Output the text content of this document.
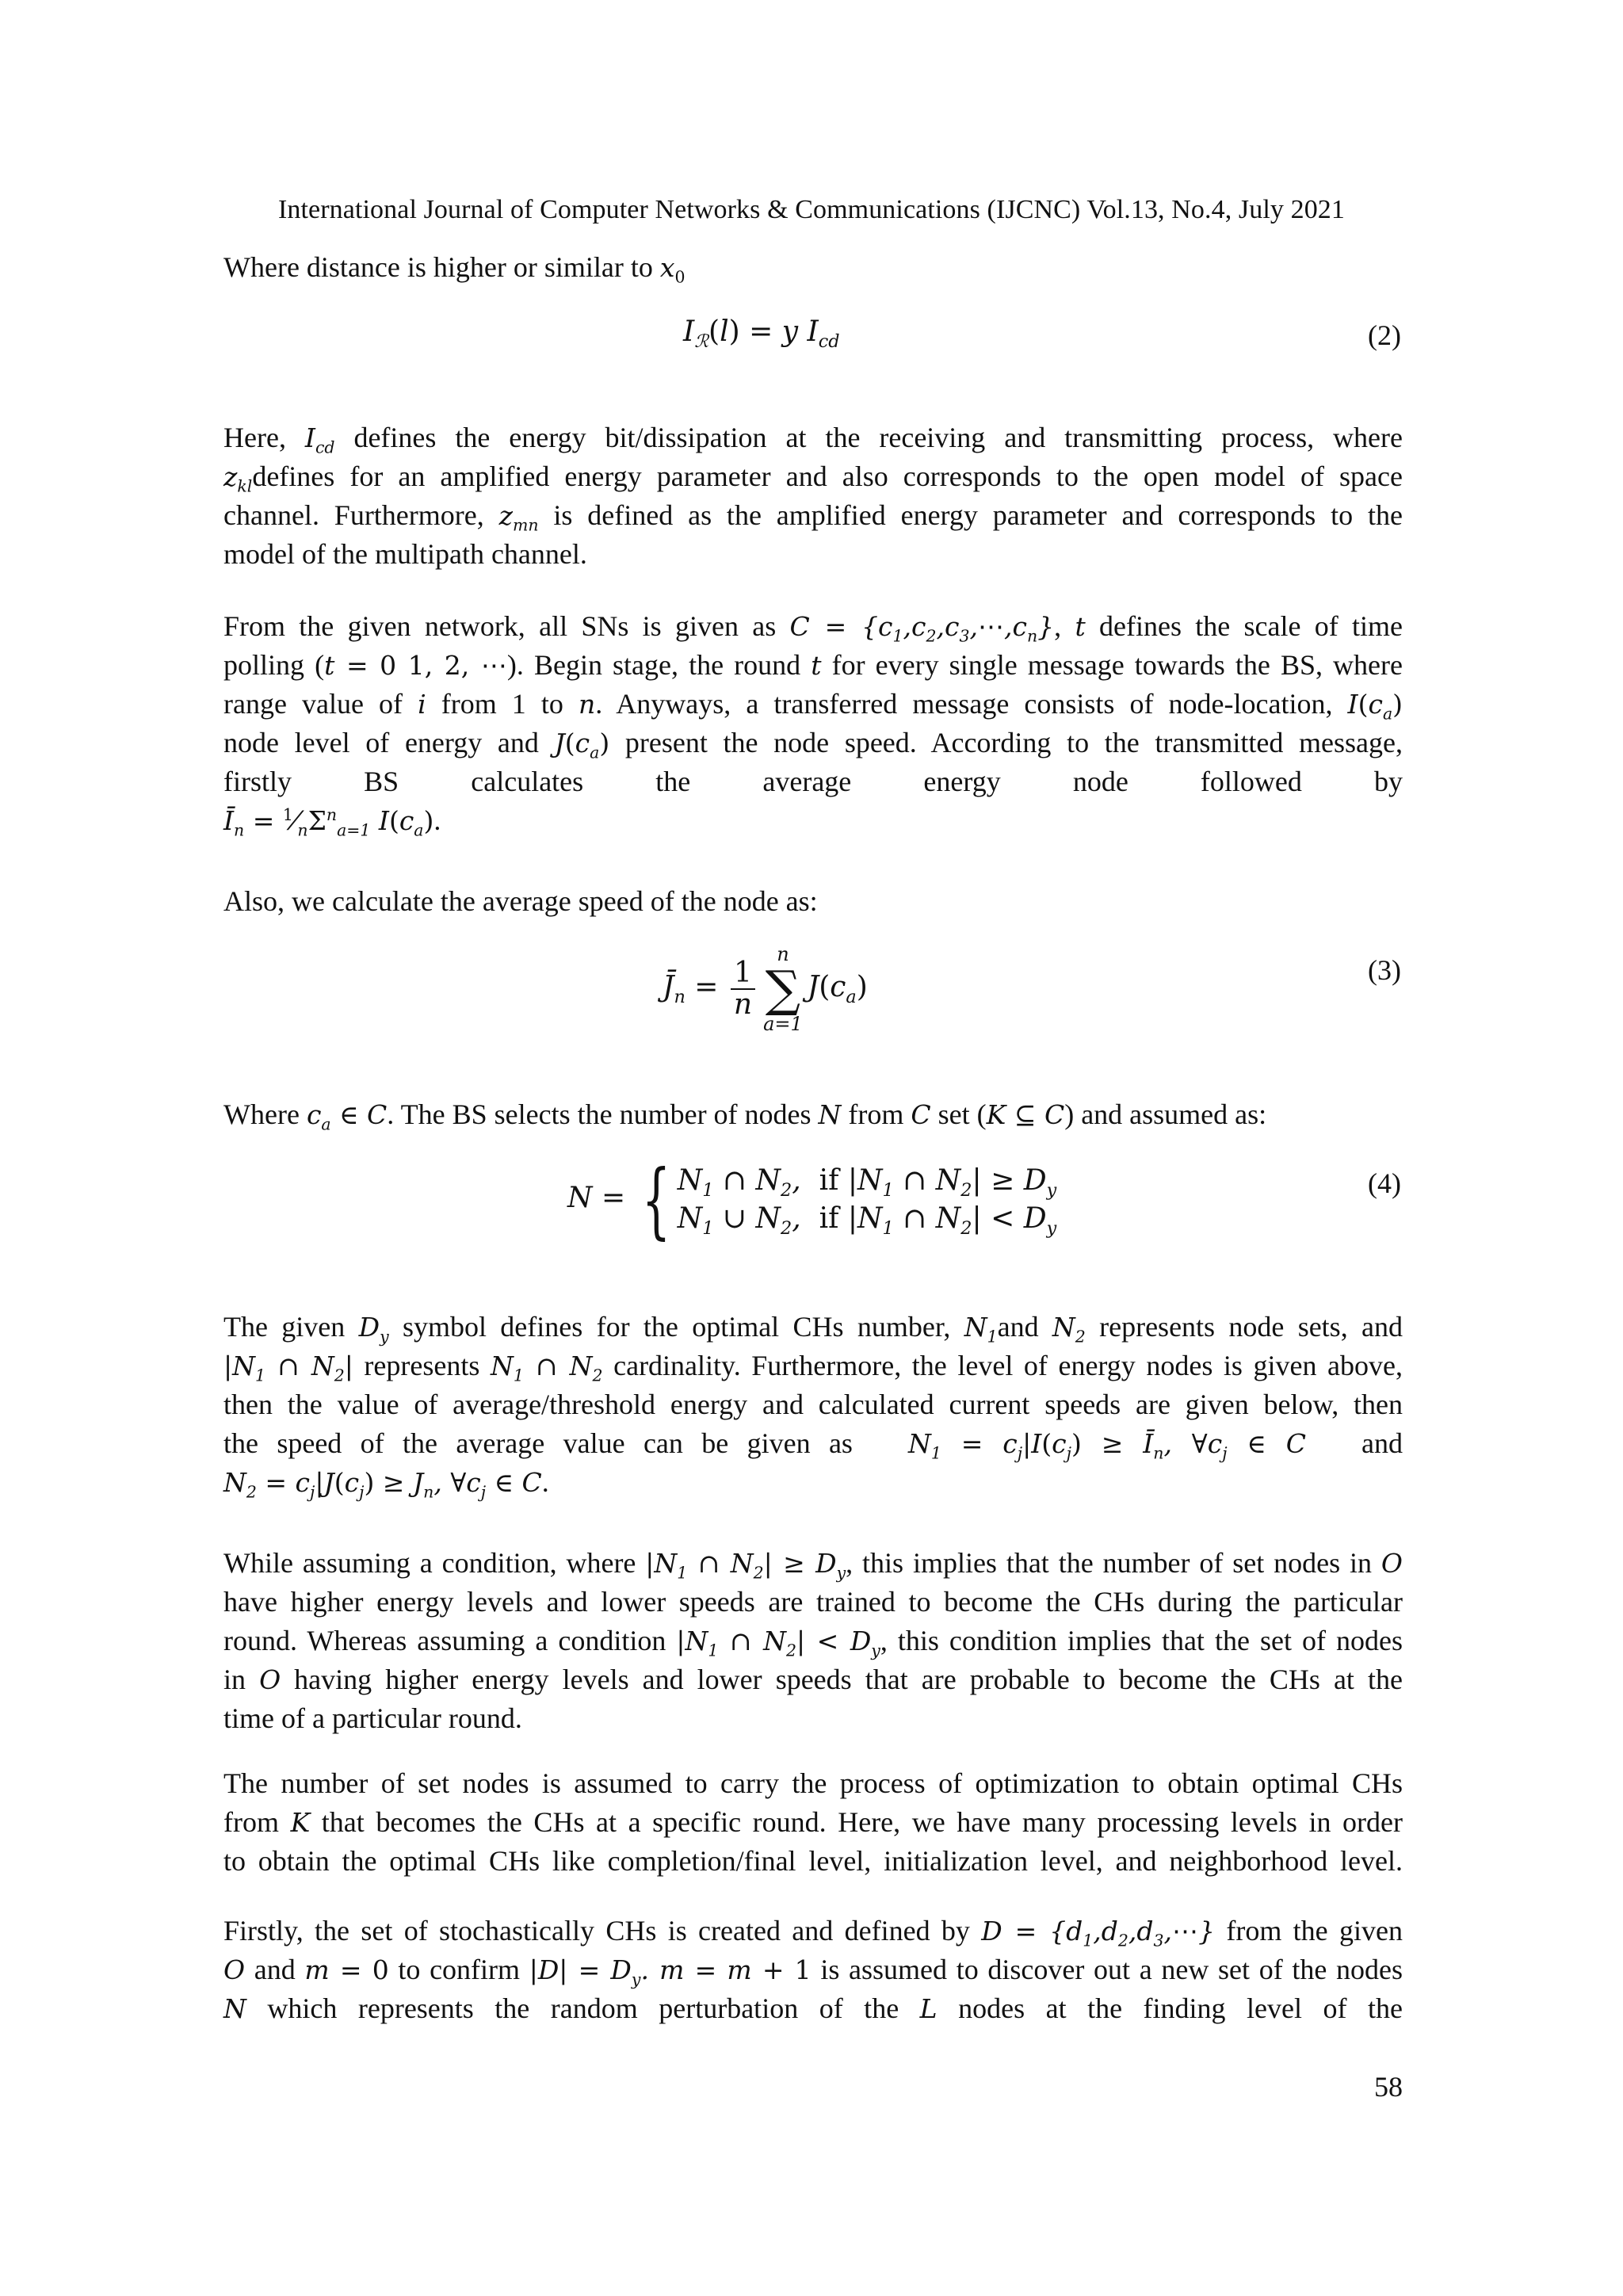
International Journal of Computer Networks & Communications (IJCNC) Vol.13, No.4, July 2021
Where distance is higher or similar to $x_0$
$I_ℛ(l) = y$ $I_{cd}$	(2)
Here, $I_{cd}$ defines the energy bit/dissipation at the receiving and transmitting process, where
$z_{kl}defines$ for an amplified energy parameter and also corresponds to the open model of space
channel. Furthermore, $z_{mn}$ is defined as the amplified energy parameter and corresponds to the
model of the multipath channel.
From the given network, all SNs is given as $C = \{c_1,c_2,c_3,\cdots,c_n\}$, t defines the scale of time
polling (t = 0 1, 2, ⋯). Begin stage, the round t for every single message towards the BS, where
range value of i from 1 to n. Anyways, a transferred message consists of node-location, $I(c_a)$
node level of energy and $J(c_a)$ present the node speed. According to the transmitted message,
firstly BS calculates the average energy node followed by
$Ī_n$ = $^1⁄_n\Sigma^n_{a=1}$ $I(c_a)$.
Also, we calculate the average speed of the node as:
$J̄_n = \frac{1}{n}$
n
∑
a=1
$J(c_a)$
(3)
Where $c_a$ ∈ C. The BS selects the number of nodes N from C set (K ⊆ C) and assumed as:
N = { $N_1$ ∩ $N_2$,  if $|N_1$ ∩ $N_2| \ge D_y$
$N_1$ ∪ $N_2$,  if $|N_1$ ∩ $N_2| < D_y$
(4)
The given $D_y$ symbol defines for the optimal CHs number, $N_1and$ $N_2$ represents node sets, and
$|N_1$ ∩ $N_2|$ represents $N_1$ ∩ $N_2$ cardinality. Furthermore, the level of energy nodes is given above,
then the value of average/threshold energy and calculated current speeds are given below, then
the speed of the average value can be given as $N_1 = c_j|I(c_j)$ ≥ $Ī_n$, $\forall c_j$ ∈ C and
$N_2 = c_j|J(c_j) \ge J_n$, $\forall c_j$ ∈ C.
While assuming a condition, where $|N_1$ ∩ $N_2| \ge D_y$, this implies that the number of set nodes in O
have higher energy levels and lower speeds are trained to become the CHs during the particular
round. Whereas assuming a condition $|N_1$ ∩ $N_2| < D_y$, this condition implies that the set of nodes
in O having higher energy levels and lower speeds that are probable to become the CHs at the
time of a particular round.
The number of set nodes is assumed to carry the process of optimization to obtain optimal CHs
from K that becomes the CHs at a specific round. Here, we have many processing levels in order
to obtain the optimal CHs like completion/final level, initialization level, and neighborhood level.
Firstly, the set of stochastically CHs is created and defined by $D = \{d_1,d_2,d_3,\cdots\}$ from the given
O and m = 0 to confirm $|D| = D_y$. m = m + 1 is assumed to discover out a new set of the nodes
N which represents the random perturbation of the L nodes at the finding level of the
58
